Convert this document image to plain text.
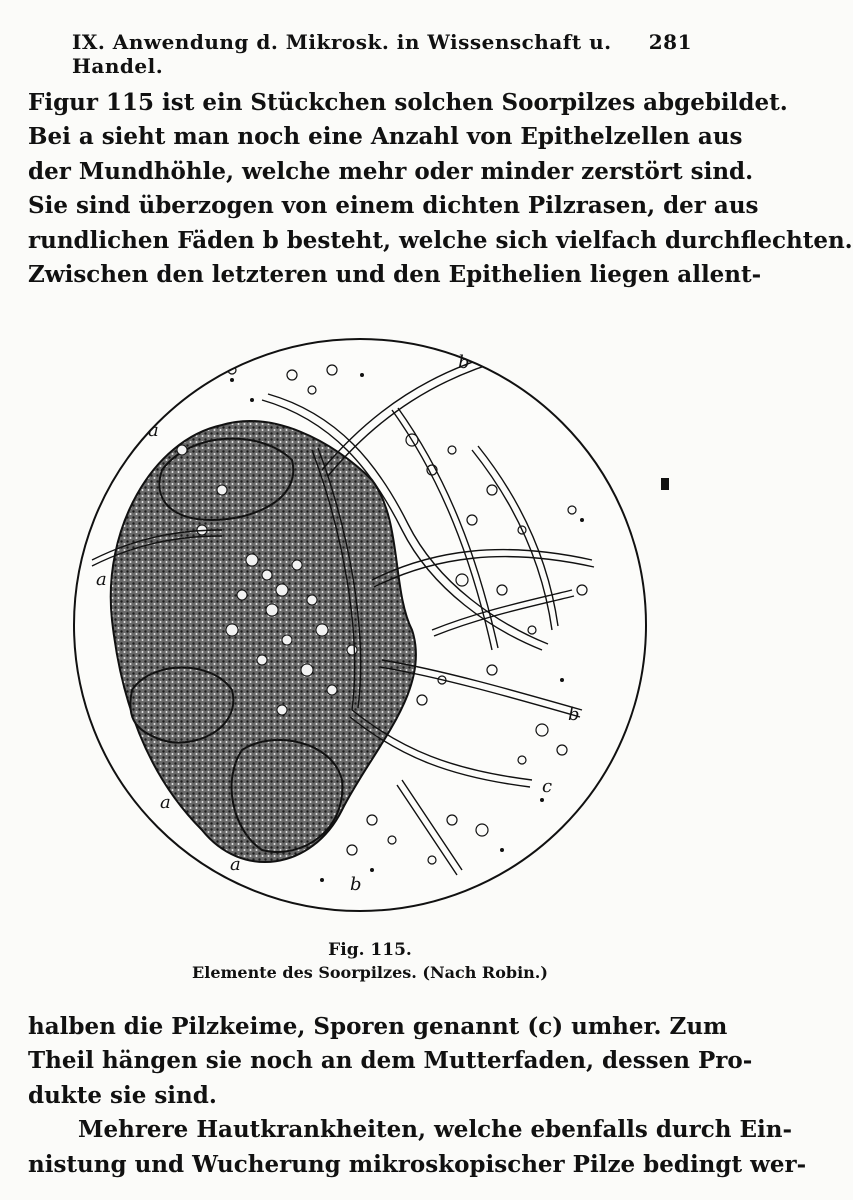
IX. Anwendung d. Mikrosk. in Wissenschaft u. Handel.
281
Figur 115 ist ein Stückchen solchen Soorpilzes abgebildet.
Bei a sieht man noch eine Anzahl von Epithelzellen aus
der Mundhöhle, welche mehr oder minder zerstört sind.
Sie sind überzogen von einem dichten Pilzrasen, der aus
rundlichen Fäden b besteht, welche sich vielfach durchflechten.
Zwischen den letzteren und den Epithelien liegen allent-
a
a
a
a
b
b
b
c
Fig. 115.
Elemente des Soorpilzes. (Nach Robin.)
halben die Pilzkeime, Sporen genannt (c) umher. Zum
Theil hängen sie noch an dem Mutterfaden, dessen Pro-
dukte sie sind.
Mehrere Hautkrankheiten, welche ebenfalls durch Ein-
nistung und Wucherung mikroskopischer Pilze bedingt wer-
